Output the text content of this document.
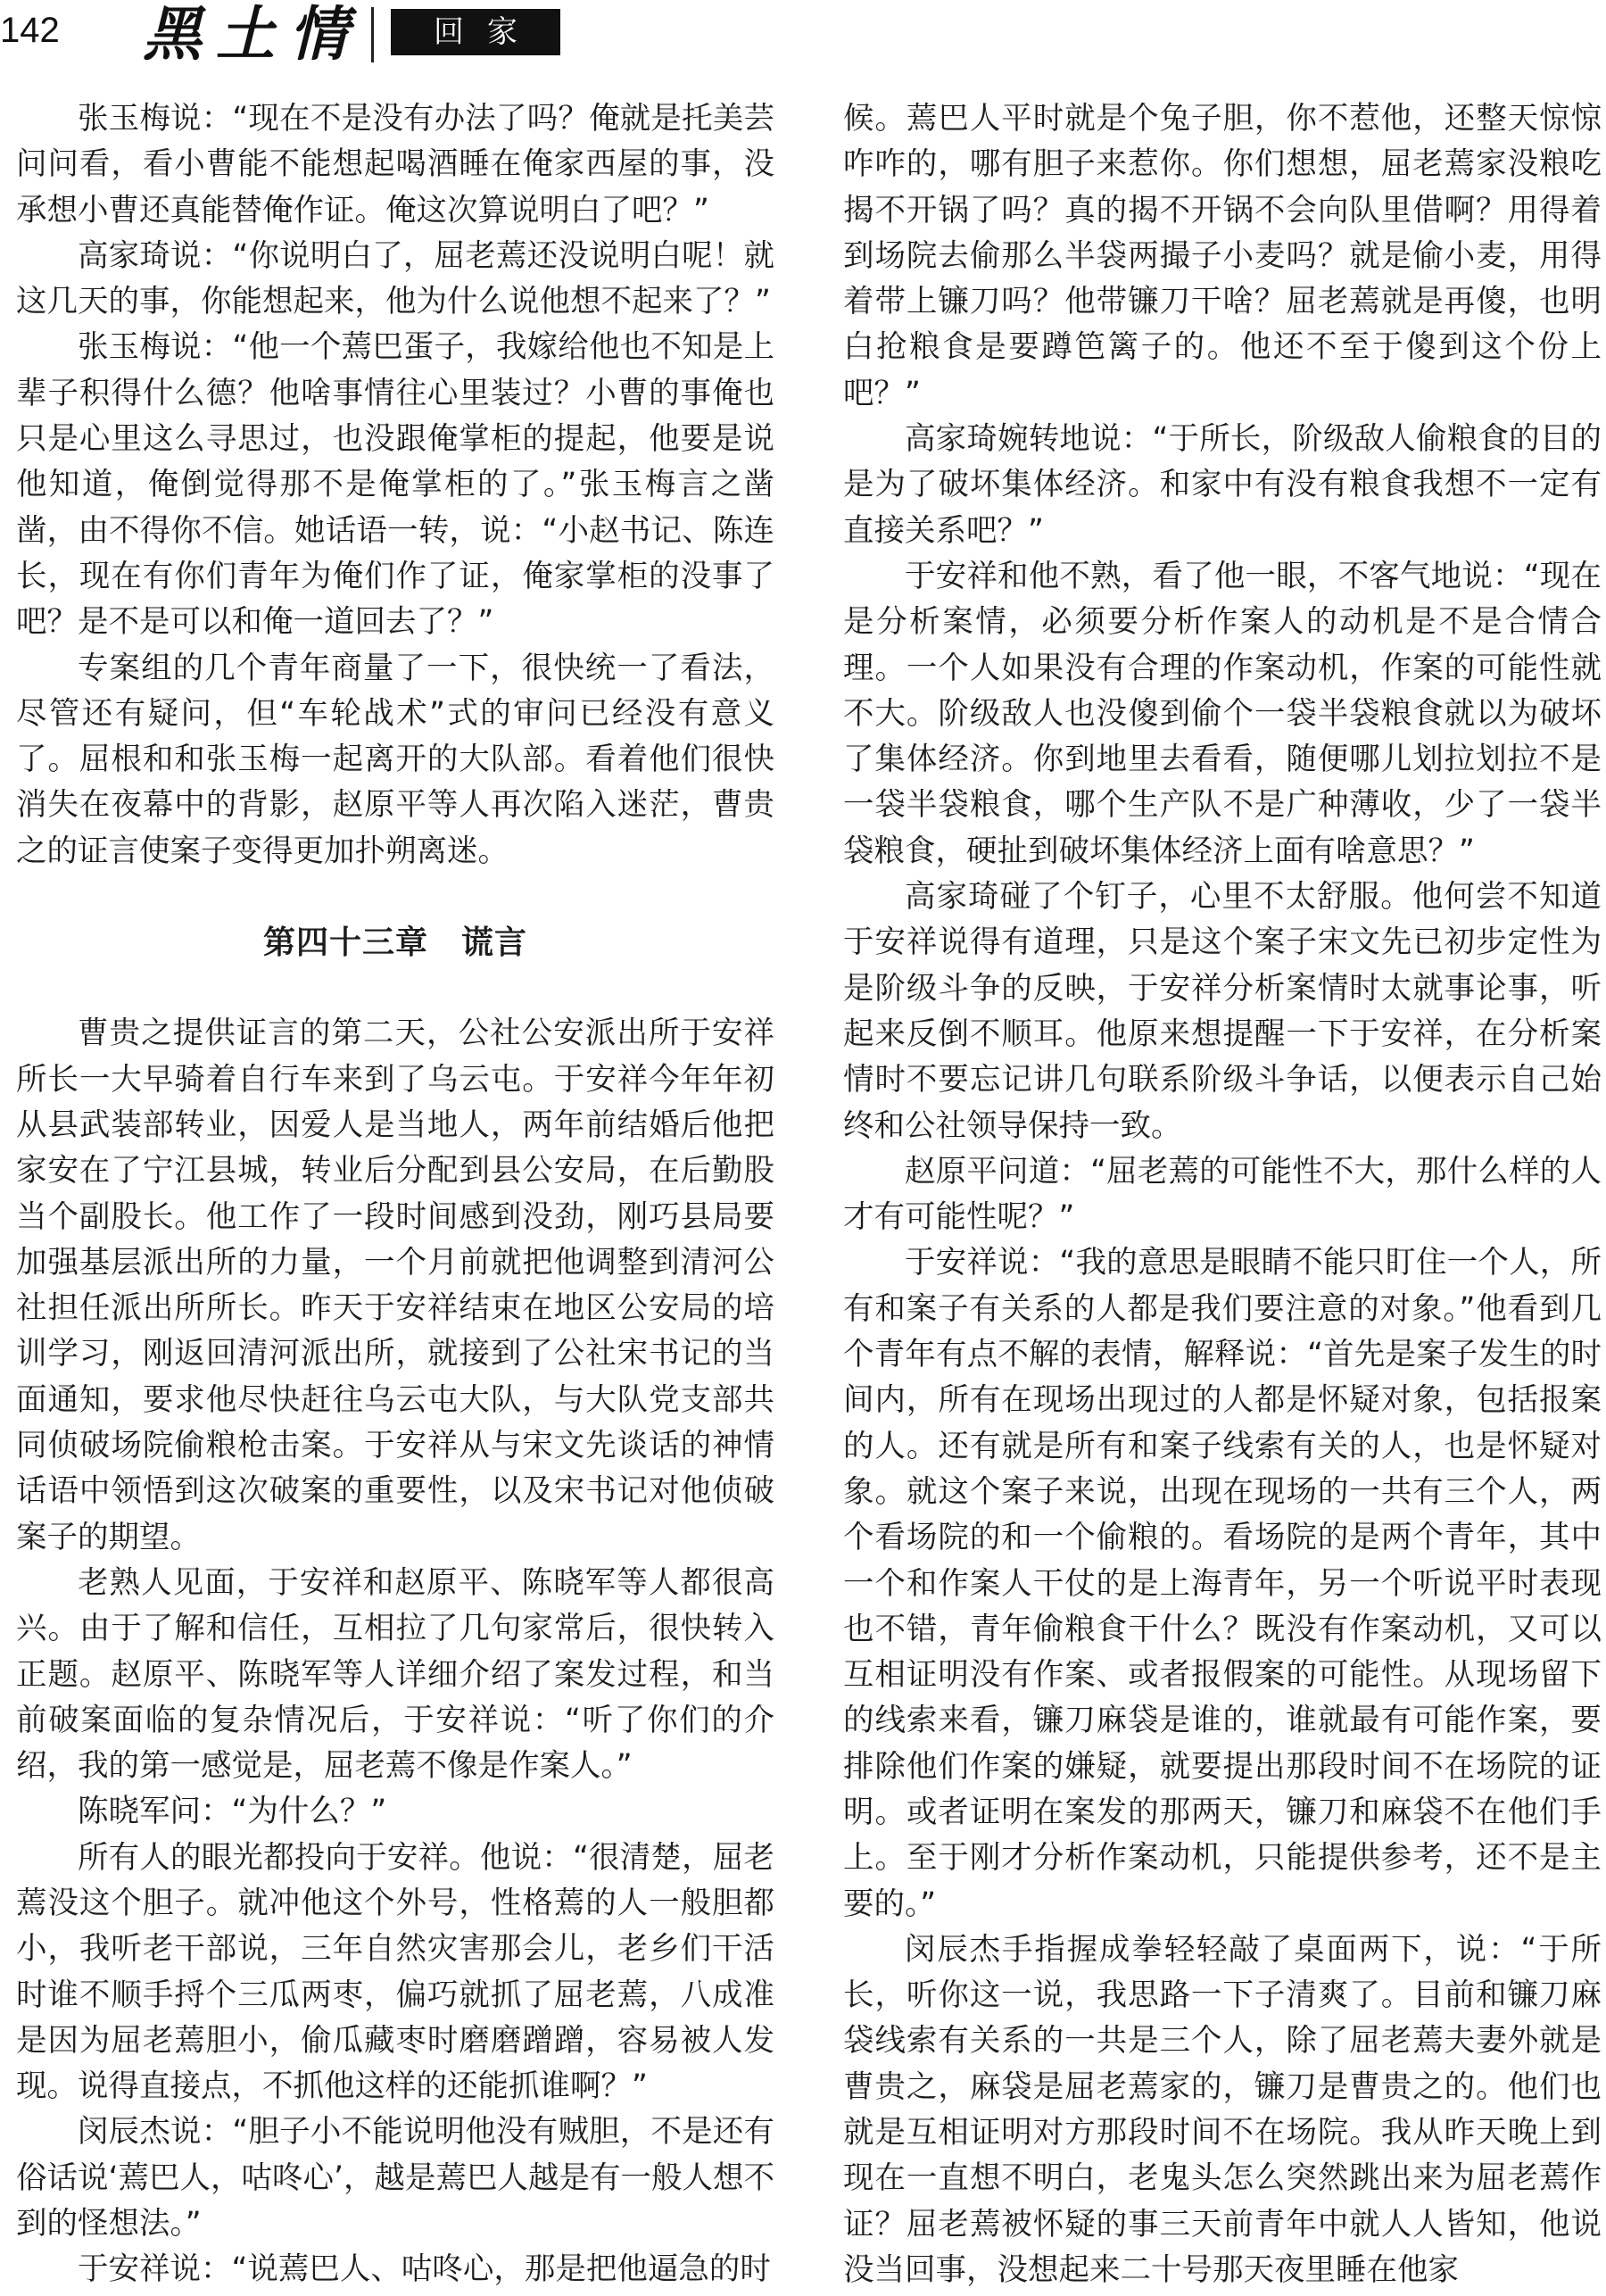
142 黑土情	回家

张玉梅说：“现在不是没有办法了吗？俺就是托美芸问问看，看小曹能不能想起喝酒睡在俺家西屋的事，没承想小曹还真能替俺作证。俺这次算说明白了吧？”

高家琦说：“你说明白了，屈老蔫还没说明白呢！就这几天的事，你能想起来，他为什么说他想不起来了？”

张玉梅说：“他一个蔫巴蛋子，我嫁给他也不知是上辈子积得什么德？他啥事情往心里装过？小曹的事俺也只是心里这么寻思过，也没跟俺掌柜的提起，他要是说他知道，俺倒觉得那不是俺掌柜的了。”张玉梅言之凿凿，由不得你不信。她话语一转，说：“小赵书记、陈连长，现在有你们青年为俺们作了证，俺家掌柜的没事了吧？是不是可以和俺一道回去了？”

专案组的几个青年商量了一下，很快统一了看法，尽管还有疑问，但“车轮战术”式的审问已经没有意义了。屈根和和张玉梅一起离开的大队部。看着他们很快消失在夜幕中的背影，赵原平等人再次陷入迷茫，曹贵之的证言使案子变得更加扑朔离迷。

第四十三章　谎言

曹贵之提供证言的第二天，公社公安派出所于安祥所长一大早骑着自行车来到了乌云屯。于安祥今年年初从县武装部转业，因爱人是当地人，两年前结婚后他把家安在了宁江县城，转业后分配到县公安局，在后勤股当个副股长。他工作了一段时间感到没劲，刚巧县局要加强基层派出所的力量，一个月前就把他调整到清河公社担任派出所所长。昨天于安祥结束在地区公安局的培训学习，刚返回清河派出所，就接到了公社宋书记的当面通知，要求他尽快赶往乌云屯大队，与大队党支部共同侦破场院偷粮枪击案。于安祥从与宋文先谈话的神情话语中领悟到这次破案的重要性，以及宋书记对他侦破案子的期望。

老熟人见面，于安祥和赵原平、陈晓军等人都很高兴。由于了解和信任，互相拉了几句家常后，很快转入正题。赵原平、陈晓军等人详细介绍了案发过程，和当前破案面临的复杂情况后，于安祥说：“听了你们的介绍，我的第一感觉是，屈老蔫不像是作案人。”

陈晓军问：“为什么？”

所有人的眼光都投向于安祥。他说：“很清楚，屈老蔫没这个胆子。就冲他这个外号，性格蔫的人一般胆都小，我听老干部说，三年自然灾害那会儿，老乡们干活时谁不顺手捋个三瓜两枣，偏巧就抓了屈老蔫，八成准是因为屈老蔫胆小，偷瓜藏枣时磨磨蹭蹭，容易被人发现。说得直接点，不抓他这样的还能抓谁啊？”

闵辰杰说：“胆子小不能说明他没有贼胆，不是还有俗话说‘蔫巴人，咕咚心’，越是蔫巴人越是有一般人想不到的怪想法。”

于安祥说：“说蔫巴人、咕咚心，那是把他逼急的时

候。蔫巴人平时就是个兔子胆，你不惹他，还整天惊惊咋咋的，哪有胆子来惹你。你们想想，屈老蔫家没粮吃揭不开锅了吗？真的揭不开锅不会向队里借啊？用得着到场院去偷那么半袋两撮子小麦吗？就是偷小麦，用得着带上镰刀吗？他带镰刀干啥？屈老蔫就是再傻，也明白抢粮食是要蹲笆篱子的。他还不至于傻到这个份上吧？”

高家琦婉转地说：“于所长，阶级敌人偷粮食的目的是为了破坏集体经济。和家中有没有粮食我想不一定有直接关系吧？”

于安祥和他不熟，看了他一眼，不客气地说：“现在是分析案情，必须要分析作案人的动机是不是合情合理。一个人如果没有合理的作案动机，作案的可能性就不大。阶级敌人也没傻到偷个一袋半袋粮食就以为破坏了集体经济。你到地里去看看，随便哪儿划拉划拉不是一袋半袋粮食，哪个生产队不是广种薄收，少了一袋半袋粮食，硬扯到破坏集体经济上面有啥意思？”

高家琦碰了个钉子，心里不太舒服。他何尝不知道于安祥说得有道理，只是这个案子宋文先已初步定性为是阶级斗争的反映，于安祥分析案情时太就事论事，听起来反倒不顺耳。他原来想提醒一下于安祥，在分析案情时不要忘记讲几句联系阶级斗争话，以便表示自己始终和公社领导保持一致。

赵原平问道：“屈老蔫的可能性不大，那什么样的人才有可能性呢？”

于安祥说：“我的意思是眼睛不能只盯住一个人，所有和案子有关系的人都是我们要注意的对象。”他看到几个青年有点不解的表情，解释说：“首先是案子发生的时间内，所有在现场出现过的人都是怀疑对象，包括报案的人。还有就是所有和案子线索有关的人，也是怀疑对象。就这个案子来说，出现在现场的一共有三个人，两个看场院的和一个偷粮的。看场院的是两个青年，其中一个和作案人干仗的是上海青年，另一个听说平时表现也不错，青年偷粮食干什么？既没有作案动机，又可以互相证明没有作案、或者报假案的可能性。从现场留下的线索来看，镰刀麻袋是谁的，谁就最有可能作案，要排除他们作案的嫌疑，就要提出那段时间不在场院的证明。或者证明在案发的那两天，镰刀和麻袋不在他们手上。至于刚才分析作案动机，只能提供参考，还不是主要的。”

闵辰杰手指握成拳轻轻敲了桌面两下，说：“于所长，听你这一说，我思路一下子清爽了。目前和镰刀麻袋线索有关系的一共是三个人，除了屈老蔫夫妻外就是曹贵之，麻袋是屈老蔫家的，镰刀是曹贵之的。他们也就是互相证明对方那段时间不在场院。我从昨天晚上到现在一直想不明白，老鬼头怎么突然跳出来为屈老蔫作证？屈老蔫被怀疑的事三天前青年中就人人皆知，他说没当回事，没想起来二十号那天夜里睡在他家
